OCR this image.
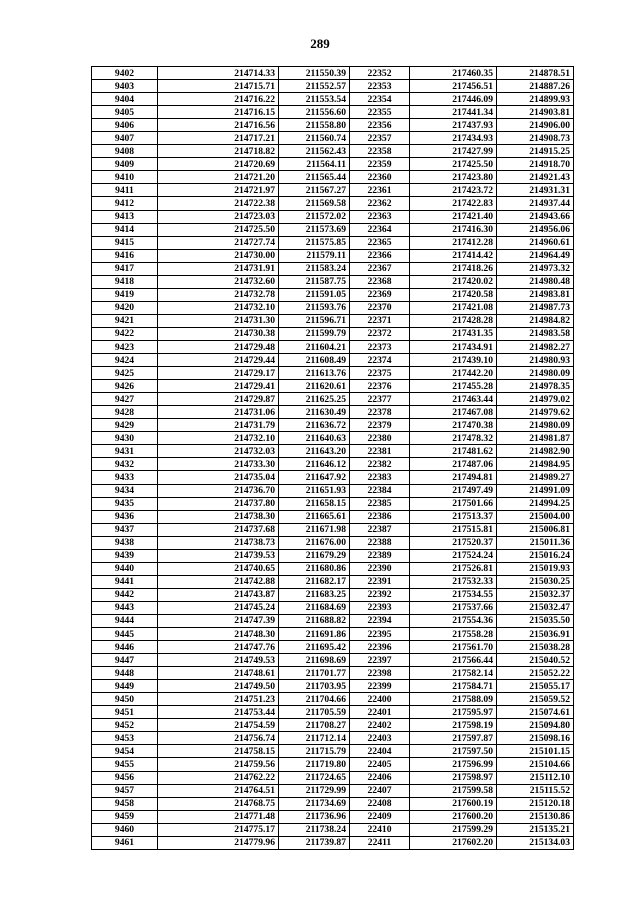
289
9402	214714.33	211550.39	22352	217460.35	214878.51
9403	214715.71	211552.57	22353	217456.51	214887.26
9404	214716.22	211553.54	22354	217446.09	214899.93
9405	214716.15	211556.60	22355	217441.34	214903.81
9406	214716.56	211558.80	22356	217437.93	214906.00
9407	214717.21	211560.74	22357	217434.93	214908.73
9408	214718.82	211562.43	22358	217427.99	214915.25
9409	214720.69	211564.11	22359	217425.50	214918.70
9410	214721.20	211565.44	22360	217423.80	214921.43
9411	214721.97	211567.27	22361	217423.72	214931.31
9412	214722.38	211569.58	22362	217422.83	214937.44
9413	214723.03	211572.02	22363	217421.40	214943.66
9414	214725.50	211573.69	22364	217416.30	214956.06
9415	214727.74	211575.85	22365	217412.28	214960.61
9416	214730.00	211579.11	22366	217414.42	214964.49
9417	214731.91	211583.24	22367	217418.26	214973.32
9418	214732.60	211587.75	22368	217420.02	214980.48
9419	214732.78	211591.05	22369	217420.58	214983.81
9420	214732.10	211593.76	22370	217421.08	214987.73
9421	214731.30	211596.71	22371	217428.28	214984.82
9422	214730.38	211599.79	22372	217431.35	214983.58
9423	214729.48	211604.21	22373	217434.91	214982.27
9424	214729.44	211608.49	22374	217439.10	214980.93
9425	214729.17	211613.76	22375	217442.20	214980.09
9426	214729.41	211620.61	22376	217455.28	214978.35
9427	214729.87	211625.25	22377	217463.44	214979.02
9428	214731.06	211630.49	22378	217467.08	214979.62
9429	214731.79	211636.72	22379	217470.38	214980.09
9430	214732.10	211640.63	22380	217478.32	214981.87
9431	214732.03	211643.20	22381	217481.62	214982.90
9432	214733.30	211646.12	22382	217487.06	214984.95
9433	214735.04	211647.92	22383	217494.81	214989.27
9434	214736.70	211651.93	22384	217497.49	214991.09
9435	214737.80	211658.15	22385	217501.66	214994.25
9436	214738.30	211665.61	22386	217513.37	215004.00
9437	214737.68	211671.98	22387	217515.81	215006.81
9438	214738.73	211676.00	22388	217520.37	215011.36
9439	214739.53	211679.29	22389	217524.24	215016.24
9440	214740.65	211680.86	22390	217526.81	215019.93
9441	214742.88	211682.17	22391	217532.33	215030.25
9442	214743.87	211683.25	22392	217534.55	215032.37
9443	214745.24	211684.69	22393	217537.66	215032.47
9444	214747.39	211688.82	22394	217554.36	215035.50
9445	214748.30	211691.86	22395	217558.28	215036.91
9446	214747.76	211695.42	22396	217561.70	215038.28
9447	214749.53	211698.69	22397	217566.44	215040.52
9448	214748.61	211701.77	22398	217582.14	215052.22
9449	214749.50	211703.95	22399	217584.71	215055.17
9450	214751.23	211704.66	22400	217588.09	215059.52
9451	214753.44	211705.59	22401	217595.97	215074.61
9452	214754.59	211708.27	22402	217598.19	215094.80
9453	214756.74	211712.14	22403	217597.87	215098.16
9454	214758.15	211715.79	22404	217597.50	215101.15
9455	214759.56	211719.80	22405	217596.99	215104.66
9456	214762.22	211724.65	22406	217598.97	215112.10
9457	214764.51	211729.99	22407	217599.58	215115.52
9458	214768.75	211734.69	22408	217600.19	215120.18
9459	214771.48	211736.96	22409	217600.20	215130.86
9460	214775.17	211738.24	22410	217599.29	215135.21
9461	214779.96	211739.87	22411	217602.20	215134.03
